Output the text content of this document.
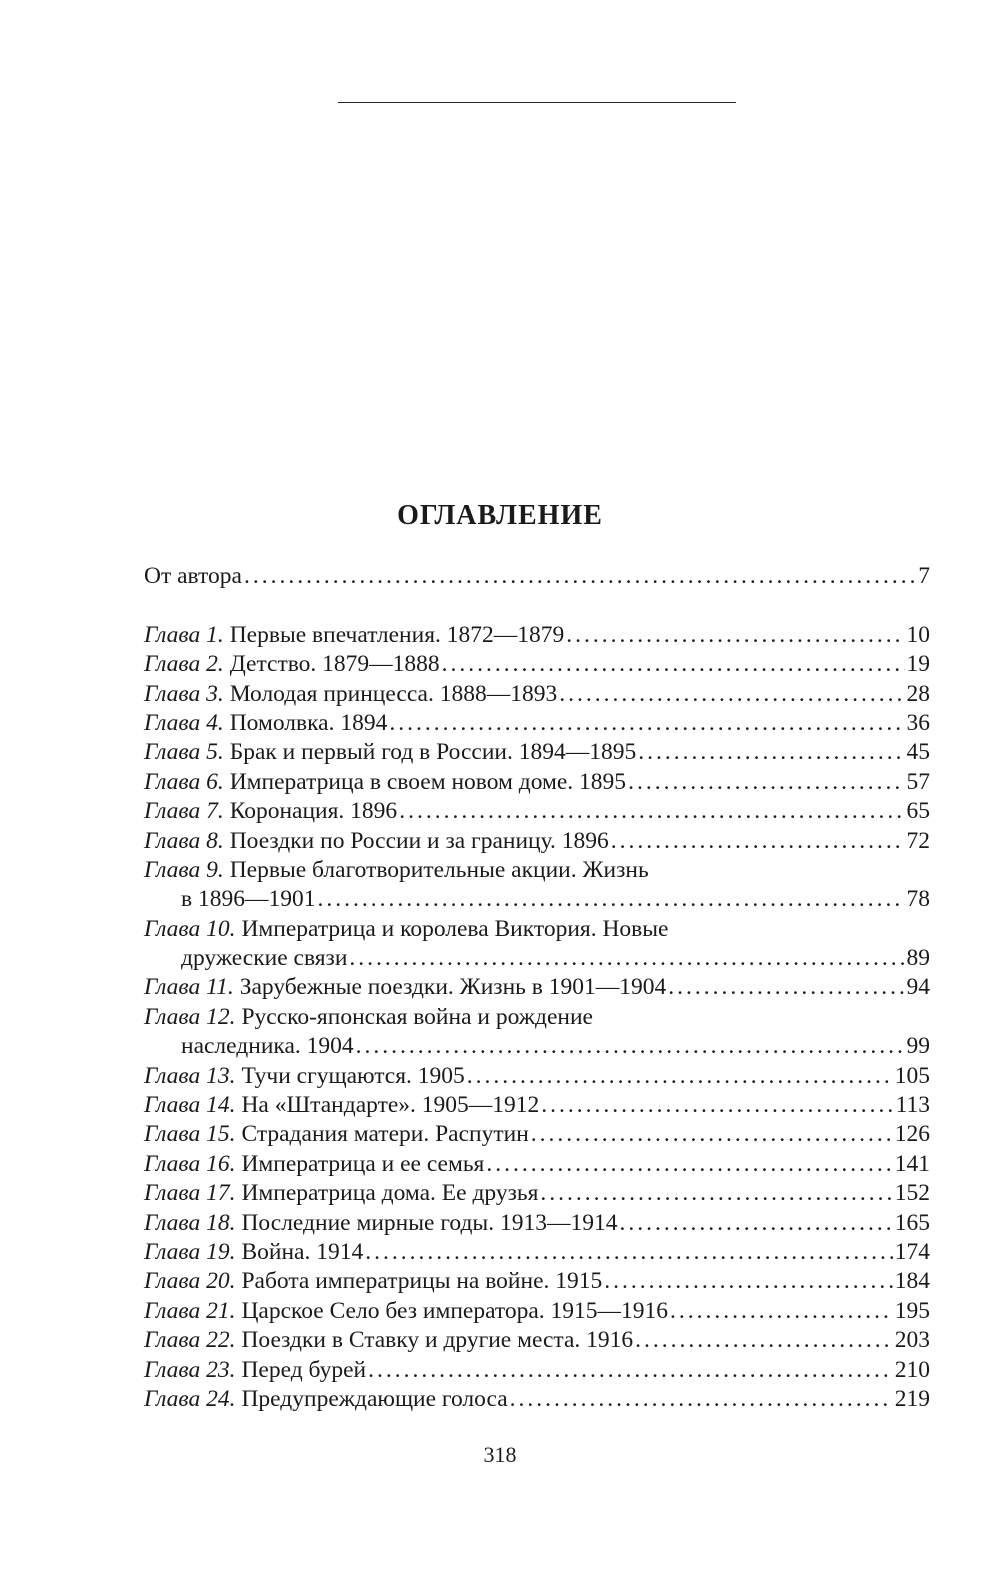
ОГЛАВЛЕНИЕ
От автора .....	7
Глава 1. Первые впечатления. 1872—1879 .....	10
Глава 2. Детство. 1879—1888 .....	19
Глава 3. Молодая принцесса. 1888—1893 .....	28
Глава 4. Помолвка. 1894 .....	36
Глава 5. Брак и первый год в России. 1894—1895 .....	45
Глава 6. Императрица в своем новом доме. 1895 .....	57
Глава 7. Коронация. 1896 .....	65
Глава 8. Поездки по России и за границу. 1896 .....	72
Глава 9. Первые благотворительные акции. Жизнь
в 1896—1901 .....	78
Глава 10. Императрица и королева Виктория. Новые
дружеские связи .....	89
Глава 11. Зарубежные поездки. Жизнь в 1901—1904 .....	94
Глава 12. Русско-японская война и рождение
наследника. 1904 .....	99
Глава 13. Тучи сгущаются. 1905 .....	105
Глава 14. На «Штандарте». 1905—1912 .....	113
Глава 15. Страдания матери. Распутин .....	126
Глава 16. Императрица и ее семья .....	141
Глава 17. Императрица дома. Ее друзья .....	152
Глава 18. Последние мирные годы. 1913—1914 .....	165
Глава 19. Война. 1914 .....	174
Глава 20. Работа императрицы на войне. 1915 .....	184
Глава 21. Царское Село без императора. 1915—1916 .....	195
Глава 22. Поездки в Ставку и другие места. 1916 .....	203
Глава 23. Перед бурей .....	210
Глава 24. Предупреждающие голоса .....	219
318
